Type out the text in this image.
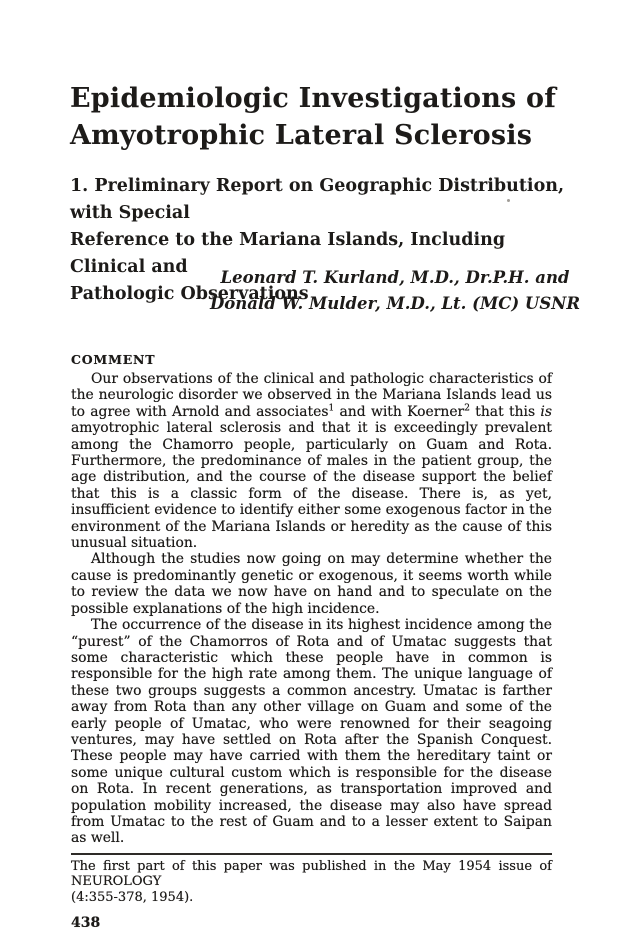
Epidemiologic Investigations of
Amyotrophic Lateral Sclerosis
1. Preliminary Report on Geographic Distribution, with Special
Reference to the Mariana Islands, Including Clinical and
Pathologic Observations
Leonard T. Kurland, M.D., Dr.P.H. and
Donald W. Mulder, M.D., Lt. (MC) USNR
COMMENT

Our observations of the clinical and pathologic characteristics of the neurologic disorder we observed in the Mariana Islands lead us to agree with Arnold and associates$^1$ and with Koerner$^2$ that this is amyotrophic lateral sclerosis and that it is exceedingly prevalent among the Chamorro people, particularly on Guam and Rota. Furthermore, the predominance of males in the patient group, the age distribution, and the course of the disease support the belief that this is a classic form of the disease. There is, as yet, insufficient evidence to identify either some exogenous factor in the environment of the Mariana Islands or heredity as the cause of this unusual situation.

Although the studies now going on may determine whether the cause is predominantly genetic or exogenous, it seems worth while to review the data we now have on hand and to speculate on the possible explanations of the high incidence.

The occurrence of the disease in its highest incidence among the “purest” of the Chamorros of Rota and of Umatac suggests that some characteristic which these people have in common is responsible for the high rate among them. The unique language of these two groups suggests a common ancestry. Umatac is farther away from Rota than any other village on Guam and some of the early people of Umatac, who were renowned for their seagoing ventures, may have settled on Rota after the Spanish Conquest. These people may have carried with them the hereditary taint or some unique cultural custom which is responsible for the disease on Rota. In recent generations, as transportation improved and population mobility increased, the disease may also have spread from Umatac to the rest of Guam and to a lesser extent to Saipan as well.

The first part of this paper was published in the May 1954 issue of NEUROLOGY
(4:355-378, 1954).
438
